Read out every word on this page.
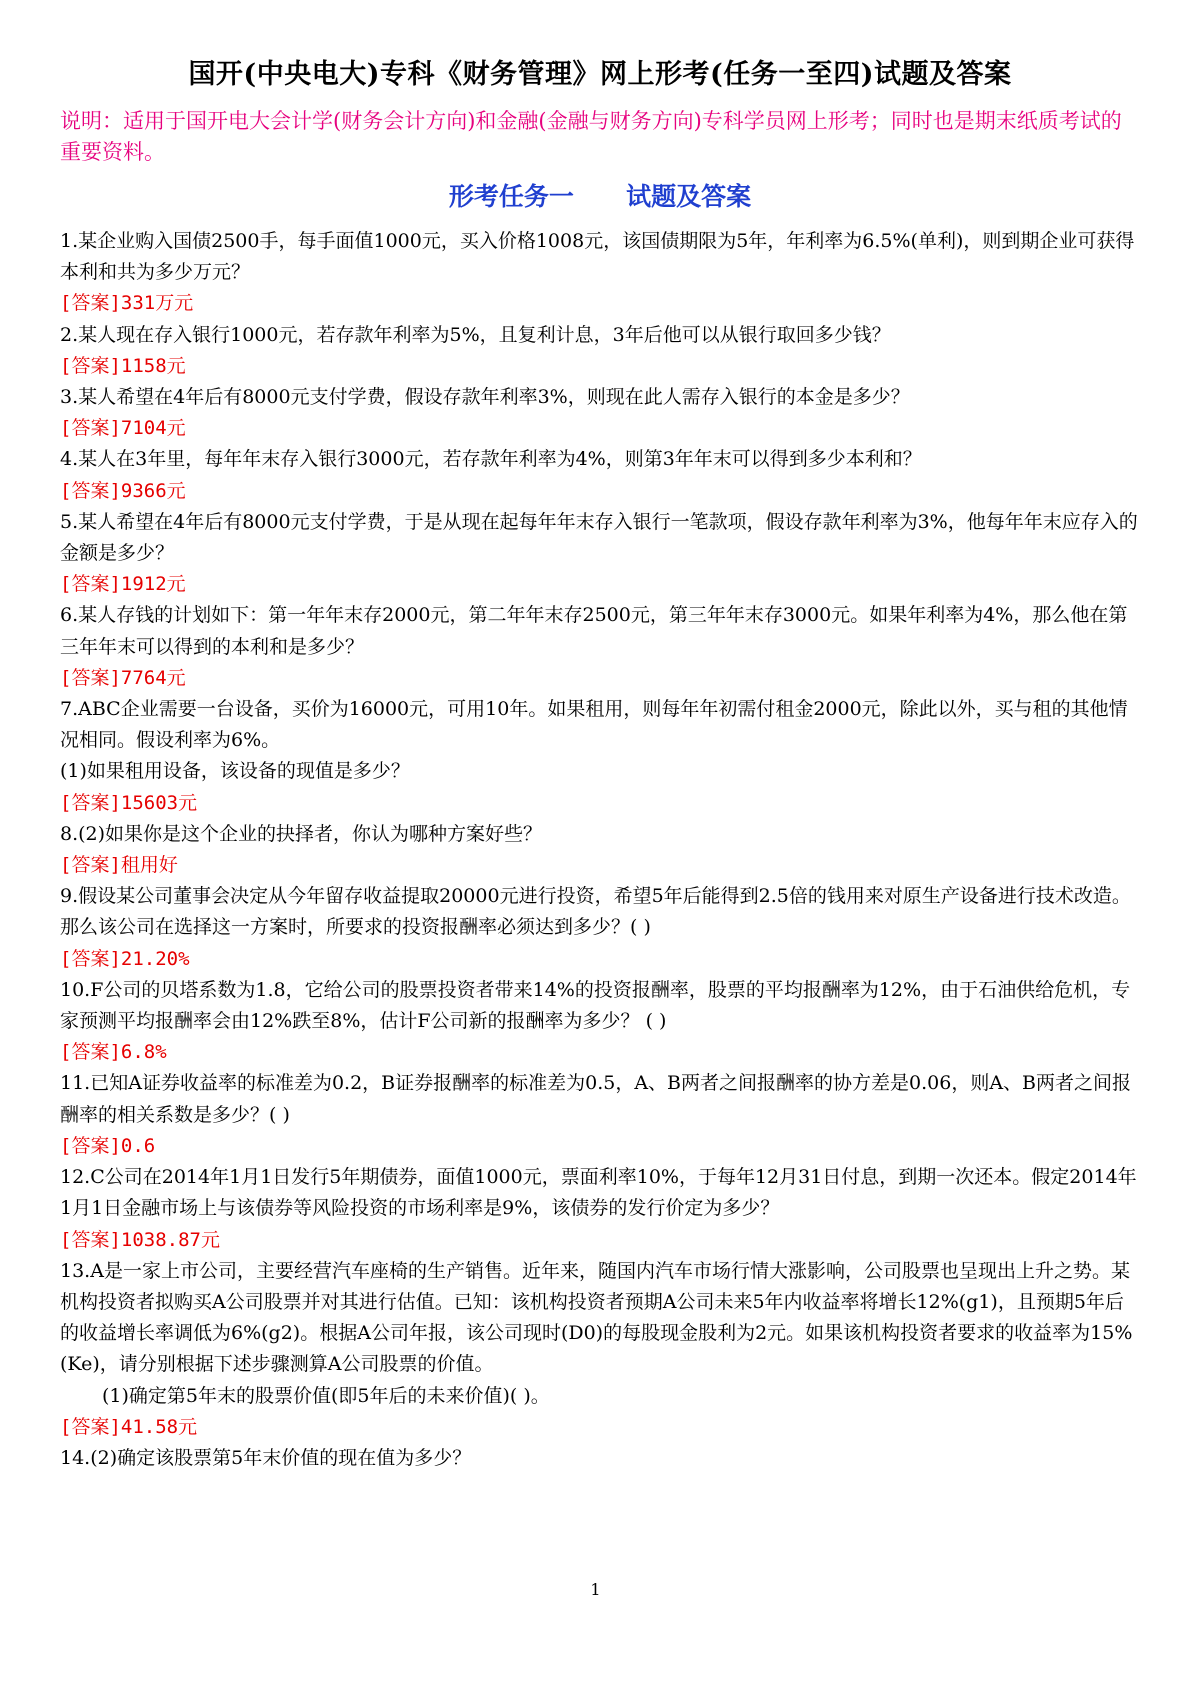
国开(中央电大)专科《财务管理》网上形考(任务一至四)试题及答案

说明：适用于国开电大会计学(财务会计方向)和金融(金融与财务方向)专科学员网上形考；同时也是期末纸质考试的重要资料。

形考任务一      试题及答案

1.某企业购入国债2500手，每手面值1000元，买入价格1008元，该国债期限为5年，年利率为6.5%(单利)，则到期企业可获得本利和共为多少万元？

[答案]331万元

2.某人现在存入银行1000元，若存款年利率为5%，且复利计息，3年后他可以从银行取回多少钱？

[答案]1158元

3.某人希望在4年后有8000元支付学费，假设存款年利率3%，则现在此人需存入银行的本金是多少？

[答案]7104元

4.某人在3年里，每年年末存入银行3000元，若存款年利率为4%，则第3年年末可以得到多少本利和？

[答案]9366元

5.某人希望在4年后有8000元支付学费，于是从现在起每年年末存入银行一笔款项，假设存款年利率为3%，他每年年末应存入的金额是多少？

[答案]1912元

6.某人存钱的计划如下：第一年年末存2000元，第二年年末存2500元，第三年年末存3000元。如果年利率为4%，那么他在第三年年末可以得到的本利和是多少？

[答案]7764元

7.ABC企业需要一台设备，买价为16000元，可用10年。如果租用，则每年年初需付租金2000元，除此以外，买与租的其他情况相同。假设利率为6%。

(1)如果租用设备，该设备的现值是多少？

[答案]15603元

8.(2)如果你是这个企业的抉择者，你认为哪种方案好些？

[答案]租用好

9.假设某公司董事会决定从今年留存收益提取20000元进行投资，希望5年后能得到2.5倍的钱用来对原生产设备进行技术改造。那么该公司在选择这一方案时，所要求的投资报酬率必须达到多少？( )

[答案]21.20%

10.F公司的贝塔系数为1.8，它给公司的股票投资者带来14%的投资报酬率，股票的平均报酬率为12%，由于石油供给危机，专家预测平均报酬率会由12%跌至8%，估计F公司新的报酬率为多少？ ( )

[答案]6.8%

11.已知A证券收益率的标准差为0.2，B证券报酬率的标准差为0.5，A、B两者之间报酬率的协方差是0.06，则A、B两者之间报酬率的相关系数是多少？( )

[答案]0.6

12.C公司在2014年1月1日发行5年期债券，面值1000元，票面利率10%，于每年12月31日付息，到期一次还本。假定2014年1月1日金融市场上与该债券等风险投资的市场利率是9%，该债券的发行价定为多少？

[答案]1038.87元

13.A是一家上市公司，主要经营汽车座椅的生产销售。近年来，随国内汽车市场行情大涨影响，公司股票也呈现出上升之势。某机构投资者拟购买A公司股票并对其进行估值。已知：该机构投资者预期A公司未来5年内收益率将增长12%(g1)，且预期5年后的收益增长率调低为6%(g2)。根据A公司年报，该公司现时(D0)的每股现金股利为2元。如果该机构投资者要求的收益率为15%(Ke)，请分别根据下述步骤测算A公司股票的价值。

(1)确定第5年末的股票价值(即5年后的未来价值)( )。

[答案]41.58元

14.(2)确定该股票第5年末价值的现在值为多少？

1
